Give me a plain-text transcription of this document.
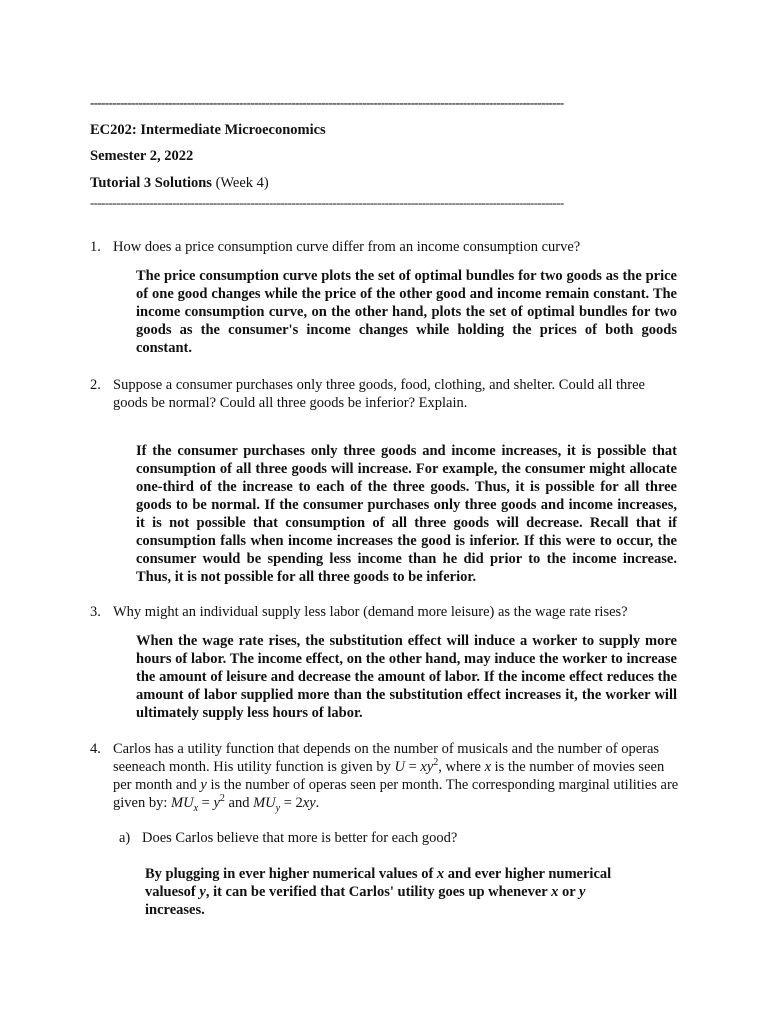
-------------------------------------------------------------------------------------------------------------------------------
EC202: Intermediate Microeconomics
Semester 2, 2022
Tutorial 3 Solutions (Week 4)
-------------------------------------------------------------------------------------------------------------------------------
1. How does a price consumption curve differ from an income consumption curve?
The price consumption curve plots the set of optimal bundles for two goods as the price of one good changes while the price of the other good and income remain constant. The income consumption curve, on the other hand, plots the set of optimal bundles for two goods as the consumer's income changes while holding the prices of both goods constant.
2. Suppose a consumer purchases only three goods, food, clothing, and shelter. Could all three goods be normal? Could all three goods be inferior? Explain.
If the consumer purchases only three goods and income increases, it is possible that consumption of all three goods will increase. For example, the consumer might allocate one-third of the increase to each of the three goods. Thus, it is possible for all three goods to be normal. If the consumer purchases only three goods and income increases, it is not possible that consumption of all three goods will decrease. Recall that if consumption falls when income increases the good is inferior. If this were to occur, the consumer would be spending less income than he did prior to the income increase. Thus, it is not possible for all three goods to be inferior.
3. Why might an individual supply less labor (demand more leisure) as the wage rate rises?
When the wage rate rises, the substitution effect will induce a worker to supply more hours of labor. The income effect, on the other hand, may induce the worker to increase the amount of leisure and decrease the amount of labor. If the income effect reduces the amount of labor supplied more than the substitution effect increases it, the worker will ultimately supply less hours of labor.
4. Carlos has a utility function that depends on the number of musicals and the number of operas seeneach month. His utility function is given by $U = xy^2$, where x is the number of movies seen per month and y is the number of operas seen per month. The corresponding marginal utilities are given by: $MU_x = y^2$ and $MU_y = 2xy$.
a) Does Carlos believe that more is better for each good?
By plugging in ever higher numerical values of x and ever higher numerical valuesof y, it can be verified that Carlos' utility goes up whenever x or y increases.
